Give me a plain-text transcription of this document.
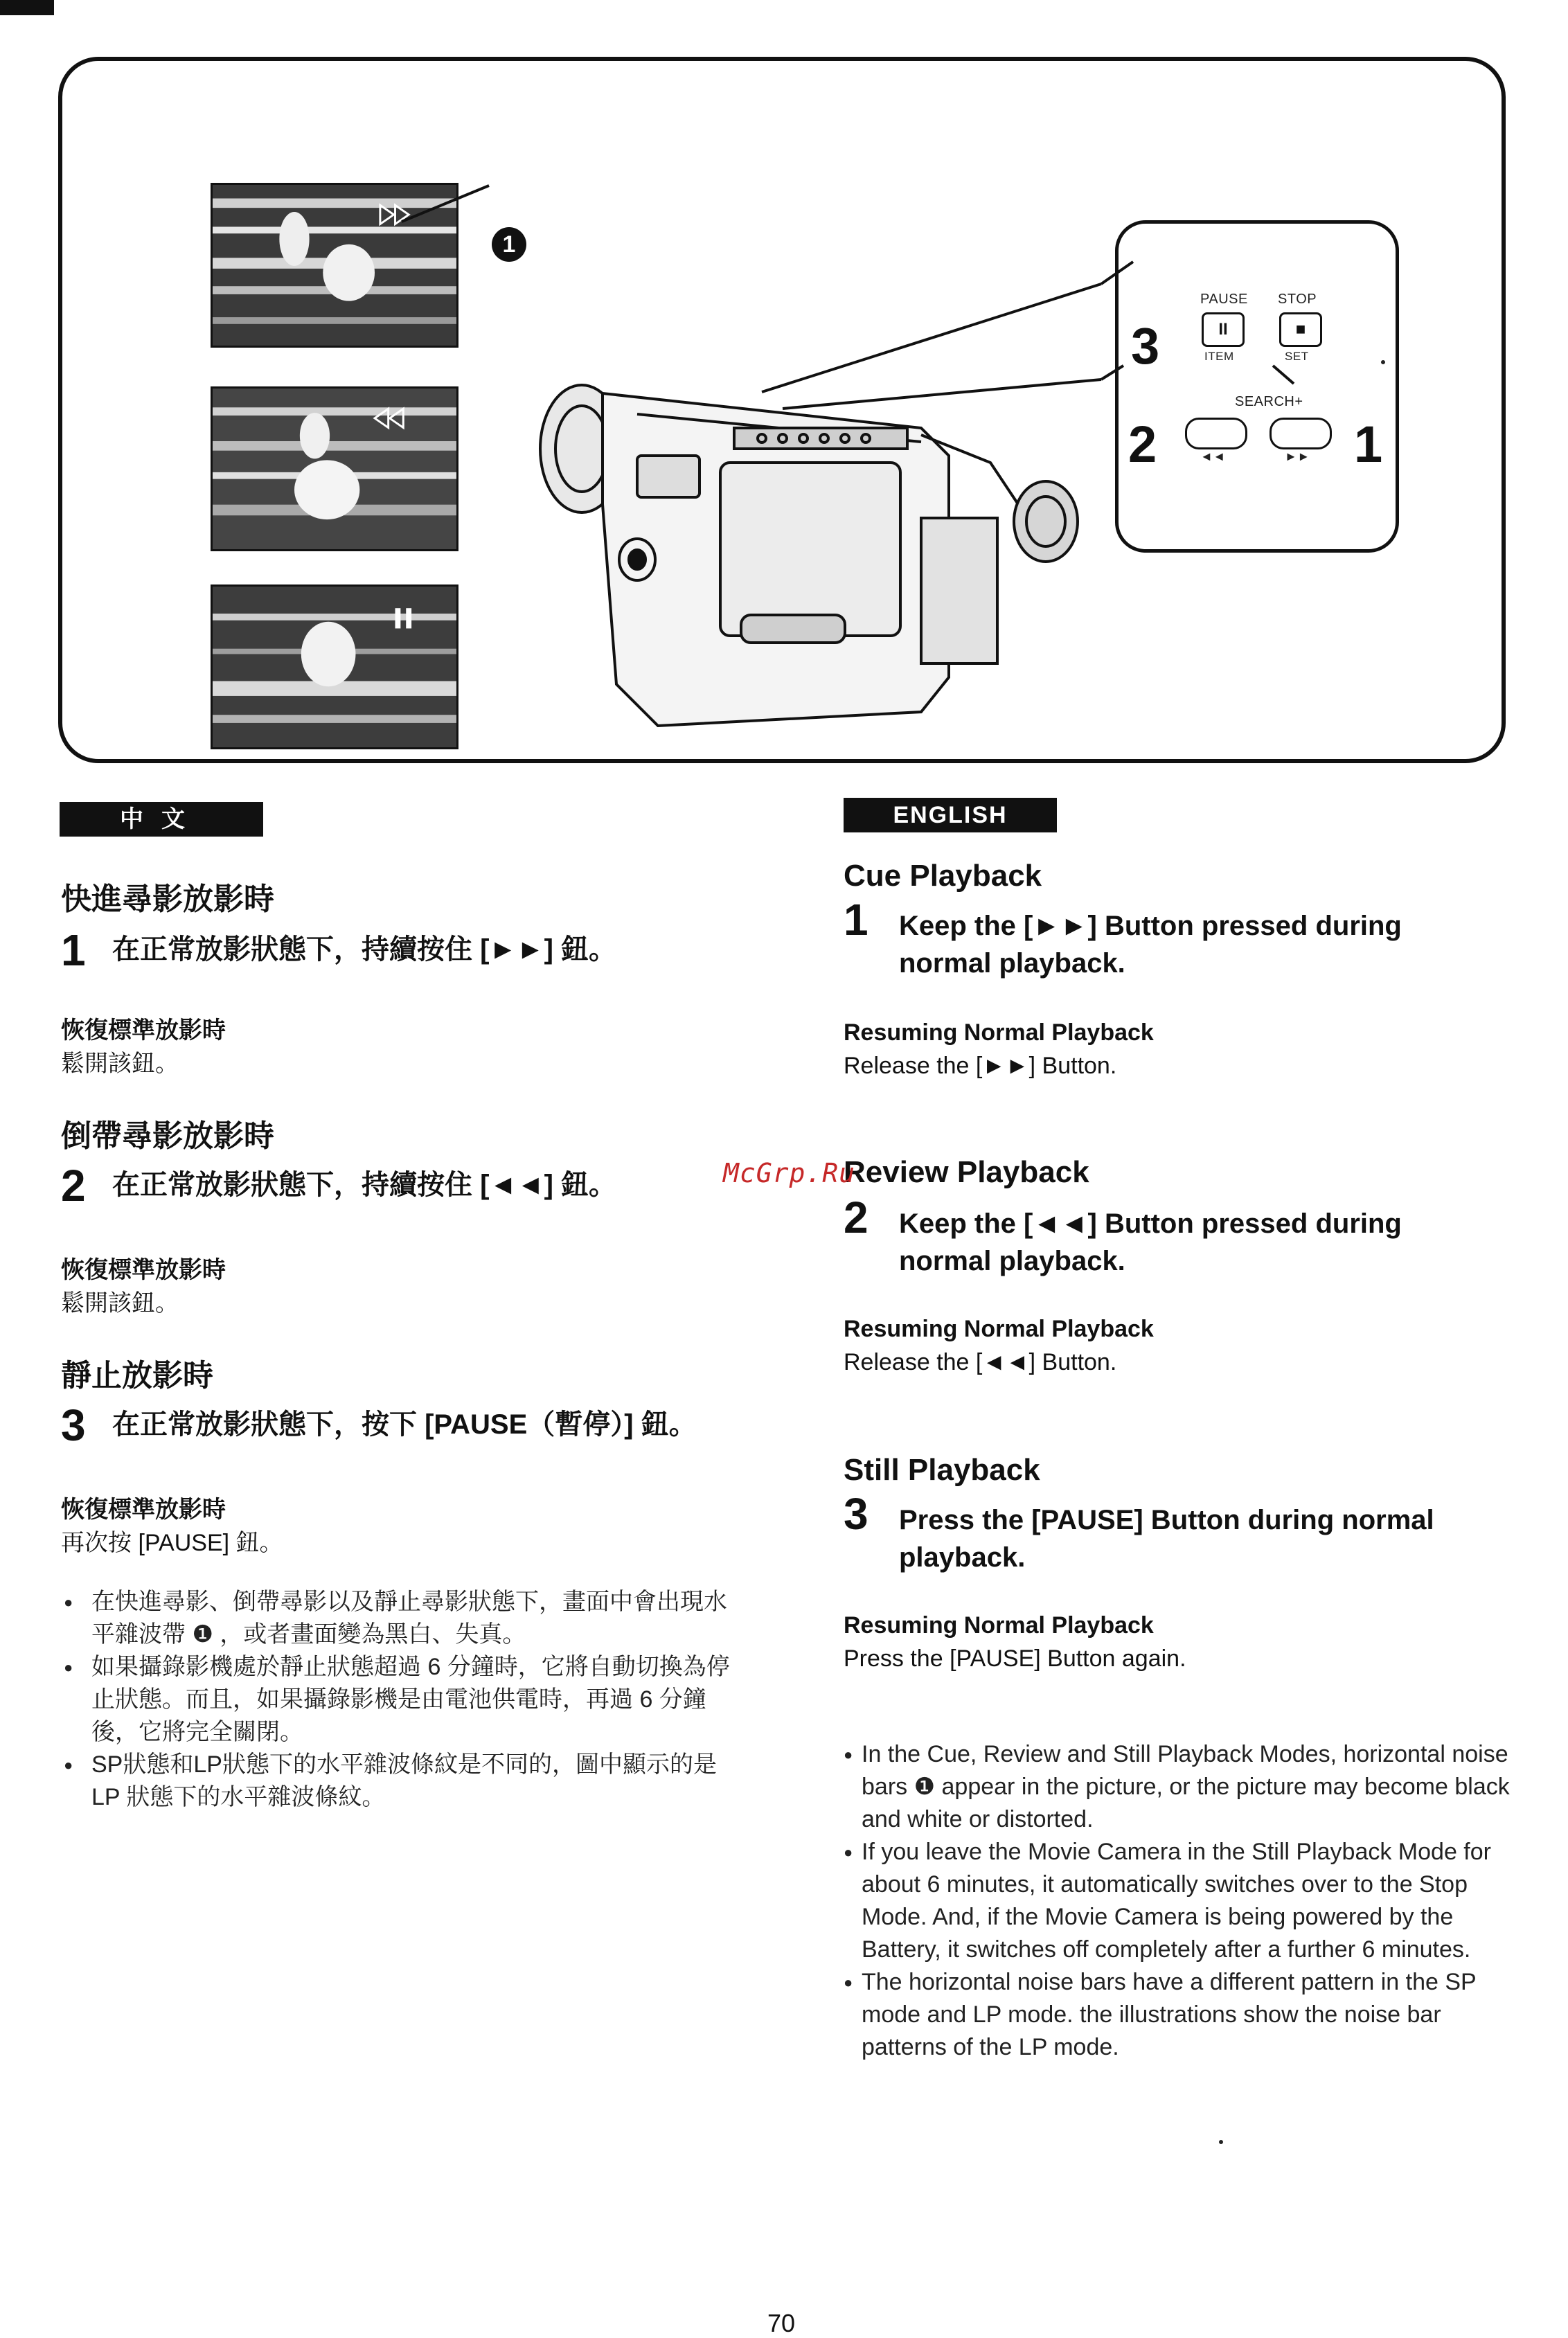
1
PAUSE STOP
II	■
ITEM	SET
SEARCH+
◄◄	►►
3
2	1
中文
快進尋影放影時
1 在正常放影狀態下，持續按住 [►►] 鈕。
恢復標準放影時
鬆開該鈕。
倒帶尋影放影時
2 在正常放影狀態下，持續按住 [◄◄] 鈕。
恢復標準放影時
鬆開該鈕。
靜止放影時
3 在正常放影狀態下，按下 [PAUSE（暫停）] 鈕。
恢復標準放影時
再次按 [PAUSE] 鈕。
● 在快進尋影、倒帶尋影以及靜止尋影狀態下，畫面中會出現水平雜波帶 ❶ ，或者畫面變為黑白、失真。
● 如果攝錄影機處於靜止狀態超過 6 分鐘時，它將自動切換為停止狀態。而且，如果攝錄影機是由電池供電時，再過 6 分鐘後，它將完全關閉。
● SP狀態和LP狀態下的水平雜波條紋是不同的，圖中顯示的是 LP 狀態下的水平雜波條紋。
ENGLISH
Cue Playback
1 Keep the [►►] Button pressed during normal playback.
Resuming Normal Playback
Release the [►►] Button.
Review Playback
2 Keep the [◄◄] Button pressed during normal playback.
Resuming Normal Playback
Release the [◄◄] Button.
Still Playback
3 Press the [PAUSE] Button during normal playback.
Resuming Normal Playback
Press the [PAUSE] Button again.
● In the Cue, Review and Still Playback Modes, horizontal noise bars ❶ appear in the picture, or the picture may become black and white or distorted.
● If you leave the Movie Camera in the Still Playback Mode for about 6 minutes, it automatically switches over to the Stop Mode. And, if the Movie Camera is being powered by the Battery, it switches off completely after a further 6 minutes.
● The horizontal noise bars have a different pattern in the SP mode and LP mode. the illustrations show the noise bar patterns of the LP mode.
McGrp.Ru
70
